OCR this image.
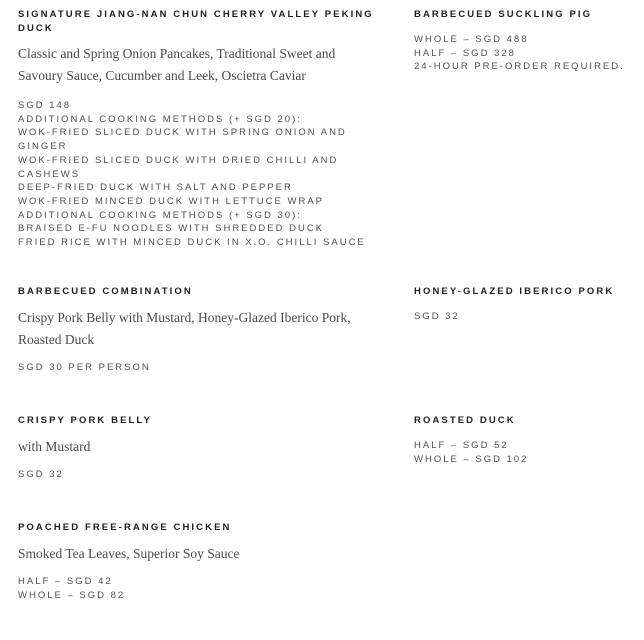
SIGNATURE JIANG-NAN CHUN CHERRY VALLEY PEKING
DUCK
Classic and Spring Onion Pancakes, Traditional Sweet and
Savoury Sauce, Cucumber and Leek, Oscietra Caviar
SGD 148
ADDITIONAL COOKING METHODS (+ SGD 20):
WOK-FRIED SLICED DUCK WITH SPRING ONION AND
GINGER
WOK-FRIED SLICED DUCK WITH DRIED CHILLI AND
CASHEWS
DEEP-FRIED DUCK WITH SALT AND PEPPER
WOK-FRIED MINCED DUCK WITH LETTUCE WRAP
ADDITIONAL COOKING METHODS (+ SGD 30):
BRAISED E-FU NOODLES WITH SHREDDED DUCK
FRIED RICE WITH MINCED DUCK IN X.O. CHILLI SAUCE
BARBECUED SUCKLING PIG
WHOLE – SGD 488
HALF – SGD 328
24-HOUR PRE-ORDER REQUIRED.
BARBECUED COMBINATION
Crispy Pork Belly with Mustard, Honey-Glazed Iberico Pork,
Roasted Duck
SGD 30 PER PERSON
HONEY-GLAZED IBERICO PORK
SGD 32
CRISPY PORK BELLY
with Mustard
SGD 32
ROASTED DUCK
HALF – SGD 52
WHOLE – SGD 102
POACHED FREE-RANGE CHICKEN
Smoked Tea Leaves, Superior Soy Sauce
HALF – SGD 42
WHOLE – SGD 82
